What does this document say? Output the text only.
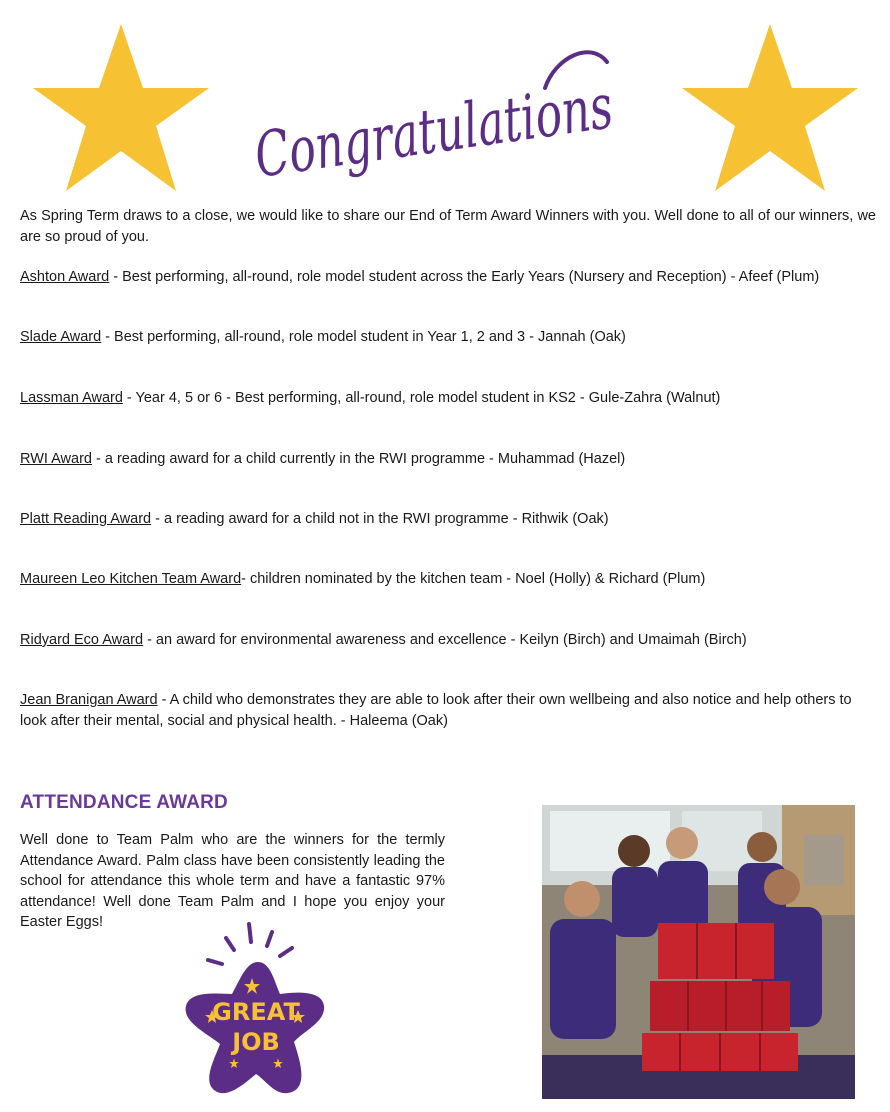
Congratulations

As Spring Term draws to a close, we would like to share our End of Term Award Winners with you. Well done to all of our winners, we are so proud of you.

Ashton Award - Best performing, all-round, role model student across the Early Years (Nursery and Reception) - Afeef (Plum)

Slade Award - Best performing, all-round, role model student in Year 1, 2 and 3 - Jannah (Oak)

Lassman Award - Year 4, 5 or 6 - Best performing, all-round, role model student in KS2 - Gule-Zahra (Walnut)

RWI Award - a reading award for a child currently in the RWI programme - Muhammad (Hazel)

Platt Reading Award - a reading award for a child not in the RWI programme - Rithwik (Oak)

Maureen Leo Kitchen Team Award- children nominated by the kitchen team - Noel (Holly) & Richard (Plum)

Ridyard Eco Award - an award for environmental awareness and excellence - Keilyn (Birch) and Umaimah (Birch)

Jean Branigan Award - A child who demonstrates they are able to look after their own wellbeing and also notice and help others to look after their mental, social and physical health. - Haleema (Oak)

ATTENDANCE AWARD

Well done to Team Palm who are the winners for the termly Attendance Award. Palm class have been consistently leading the school for attendance this whole term and have a fantastic 97% attendance! Well done Team Palm and I hope you enjoy your Easter Eggs!

GREAT
JOB
